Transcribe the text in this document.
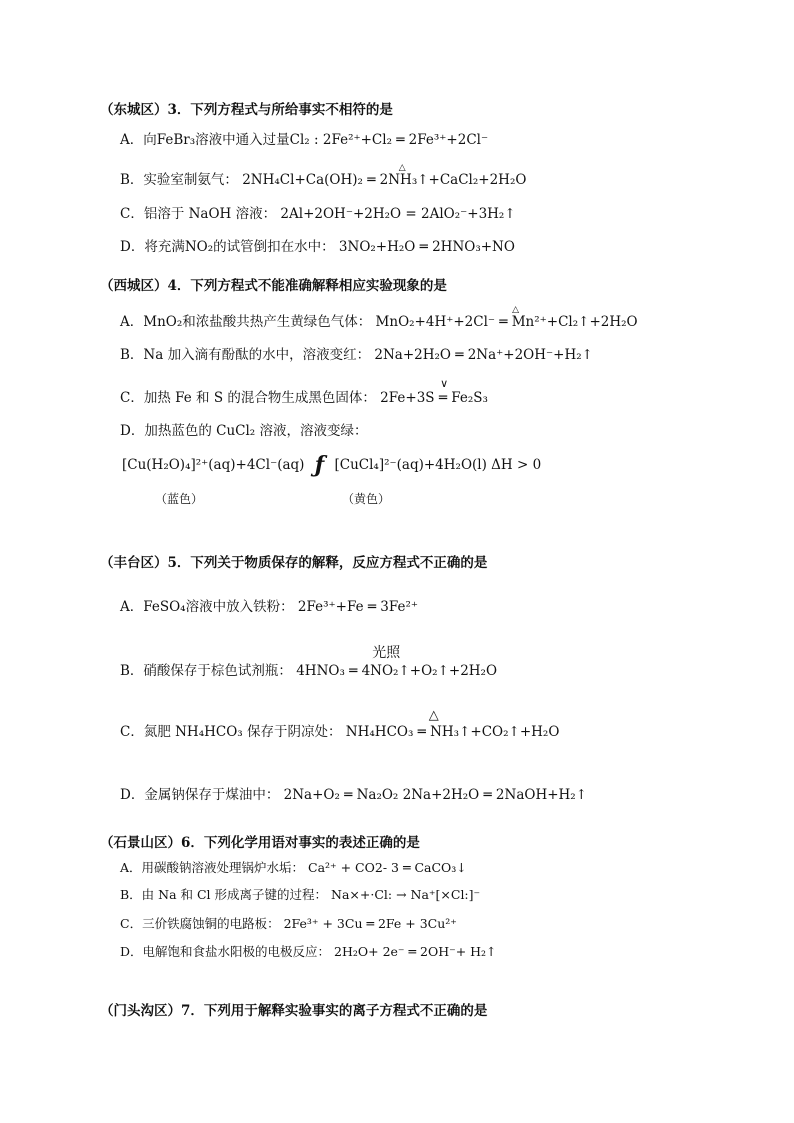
（东城区）3．下列方程式与所给事实不相符的是
A．向FeBr₃溶液中通入过量Cl₂ : 2Fe²⁺+Cl₂ ═ 2Fe³⁺+2Cl⁻
B．实验室制氨气：
△
2NH₄Cl+Ca(OH)₂ ═ 2NH₃↑+CaCl₂+2H₂O
C．铝溶于 NaOH 溶液： 2Al+2OH⁻+2H₂O = 2AlO₂⁻+3H₂↑
D．将充满NO₂的试管倒扣在水中： 3NO₂+H₂O ═ 2HNO₃+NO
（西城区）4．下列方程式不能准确解释相应实验现象的是
A．MnO₂和浓盐酸共热产生黄绿色气体：
△
MnO₂+4H⁺+2Cl⁻ ═ Mn²⁺+Cl₂↑+2H₂O
B．Na 加入滴有酚酞的水中，溶液变红： 2Na+2H₂O ═ 2Na⁺+2OH⁻+H₂↑
C．加热 Fe 和 S 的混合物生成黑色固体：
∨
2Fe+3S ═ Fe₂S₃
D．加热蓝色的 CuCl₂ 溶液，溶液变绿：
[Cu(H₂O)₄]²⁺(aq)+4Cl⁻(aq) ƒ [CuCl₄]²⁻(aq)+4H₂O(l) ΔH > 0
（蓝色）	（黄色）
（丰台区）5．下列关于物质保存的解释，反应方程式不正确的是
A．FeSO₄溶液中放入铁粉： 2Fe³⁺+Fe ═ 3Fe²⁺
B．硝酸保存于棕色试剂瓶：
光照
4HNO₃ ═ 4NO₂↑+O₂↑+2H₂O
C．氮肥 NH₄HCO₃ 保存于阴凉处：
△
NH₄HCO₃ ═ NH₃↑+CO₂↑+H₂O
D．金属钠保存于煤油中： 2Na+O₂ ═ Na₂O₂ 2Na+2H₂O ═ 2NaOH+H₂↑
（石景山区）6．下列化学用语对事实的表述正确的是
A．用碳酸钠溶液处理锅炉水垢： Ca²⁺ + CO2- 3 ═ CaCO₃↓
B．由 Na 和 Cl 形成离子键的过程： Na×+·Cl: → Na⁺[×Cl:]⁻
C．三价铁腐蚀铜的电路板： 2Fe³⁺ + 3Cu ═ 2Fe + 3Cu²⁺
D．电解饱和食盐水阳极的电极反应： 2H₂O+ 2e⁻ ═ 2OH⁻+ H₂↑
（门头沟区）7．下列用于解释实验事实的离子方程式不正确的是
